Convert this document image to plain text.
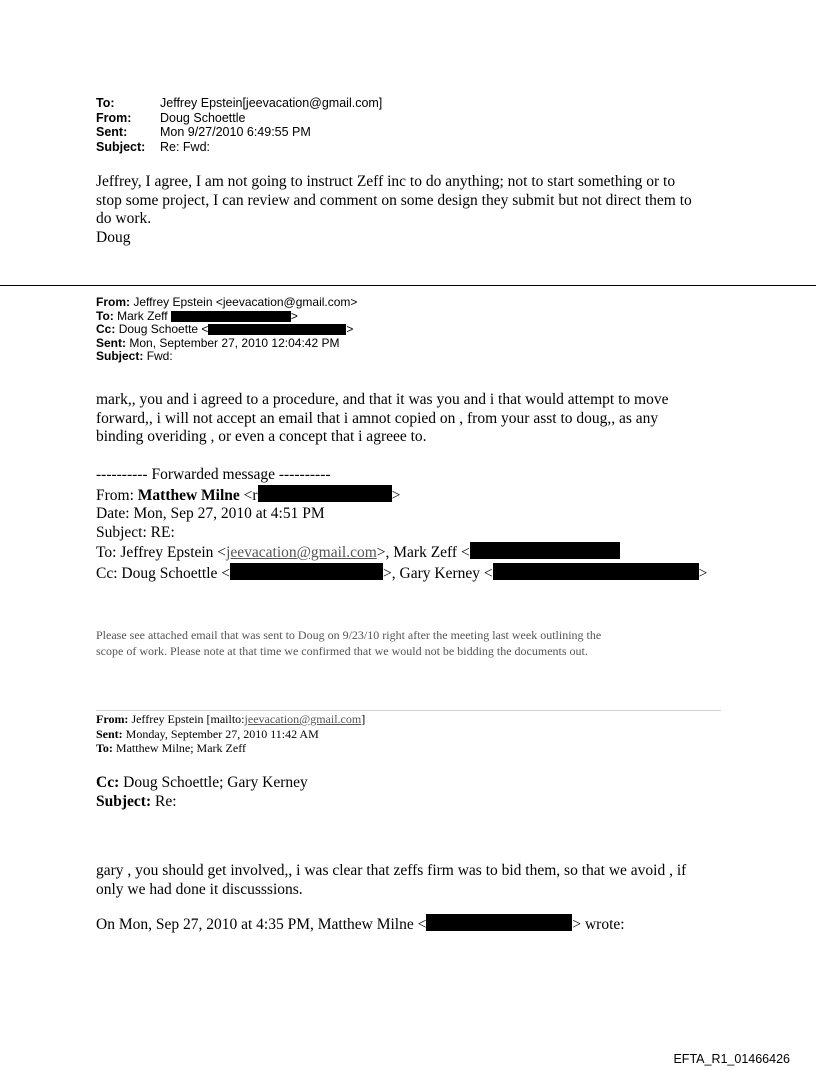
To:	Jeffrey Epstein[jeevacation@gmail.com]
From:	Doug Schoettle
Sent:	Mon 9/27/2010 6:49:55 PM
Subject:	Re: Fwd:
Jeffrey, I agree, I am not going to instruct Zeff inc to do anything; not to start something or to
stop some project, I can review and comment on some design they submit but not direct them to
do work.
Doug
From: Jeffrey Epstein <jeevacation@gmail.com>
To: Mark Zeff	>
Cc: Doug Schoette <	>
Sent: Mon, September 27, 2010 12:04:42 PM
Subject: Fwd:
mark,, you and i agreed to a procedure, and that it was you and i that would attempt to move
forward,, i will not accept an email that i amnot copied on , from your asst to doug,, as any
binding overiding , or even a concept that i agreee to.
---------- Forwarded message ----------
From: Matthew Milne <r	>
Date: Mon, Sep 27, 2010 at 4:51 PM
Subject: RE:
To: Jeffrey Epstein <jeevacation@gmail.com>, Mark Zeff <
Cc: Doug Schoettle <	>, Gary Kerney <	>
Please see attached email that was sent to Doug on 9/23/10 right after the meeting last week outlining the
scope of work. Please note at that time we confirmed that we would not be bidding the documents out.
From: Jeffrey Epstein [mailto:jeevacation@gmail.com]
Sent: Monday, September 27, 2010 11:42 AM
To: Matthew Milne; Mark Zeff
Cc: Doug Schoettle; Gary Kerney
Subject: Re:
gary , you should get involved,, i was clear that zeffs firm was to bid them, so that we avoid , if
only we had done it discusssions.
On Mon, Sep 27, 2010 at 4:35 PM, Matthew Milne <	> wrote:
EFTA_R1_01466426
